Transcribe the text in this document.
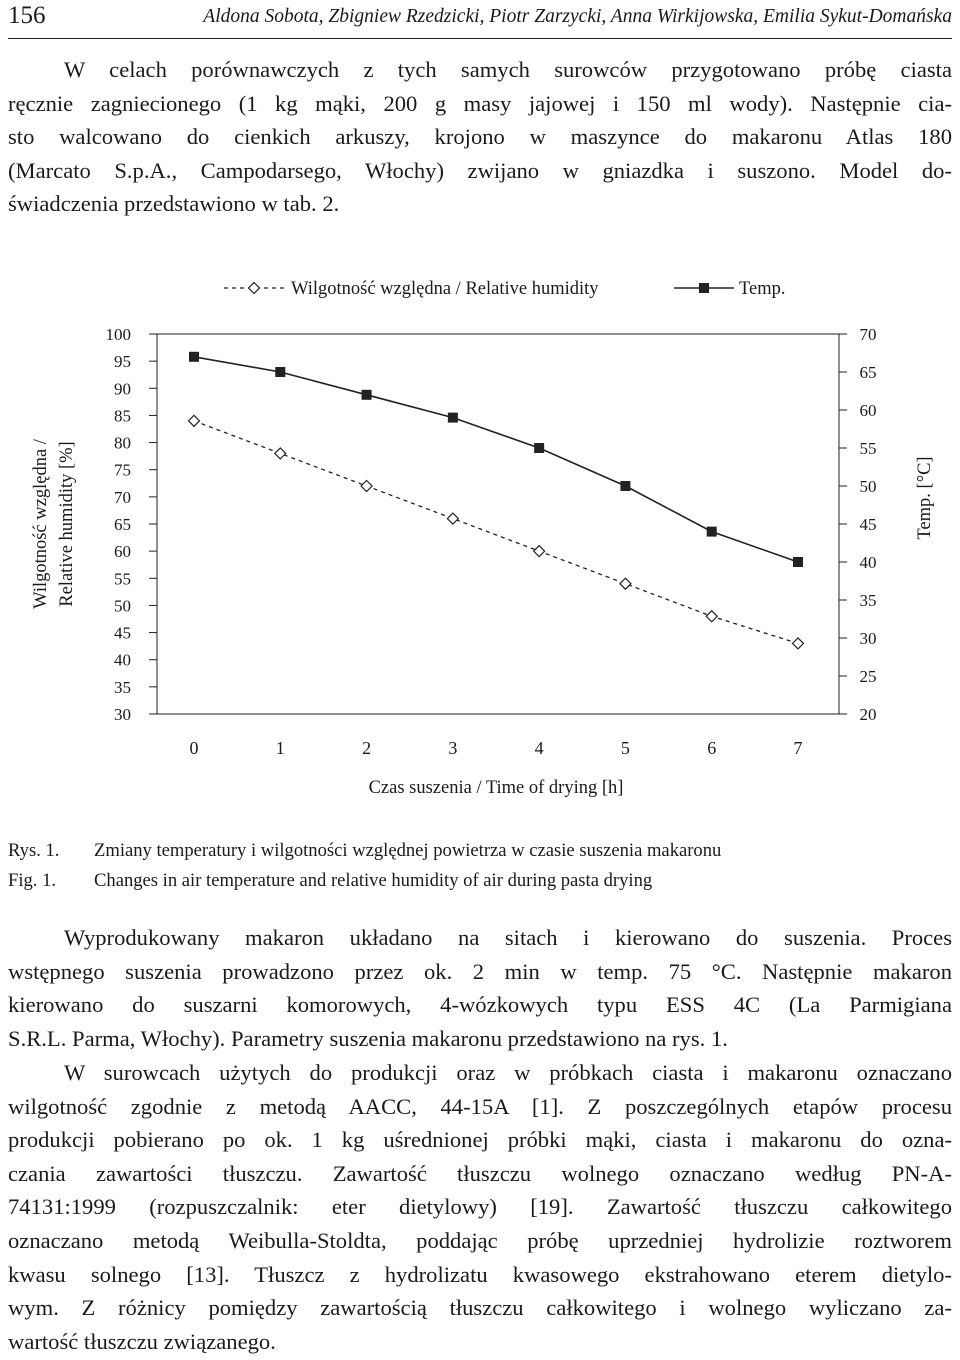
156	Aldona Sobota, Zbigniew Rzedzicki, Piotr Zarzycki, Anna Wirkijowska, Emilia Sykut-Domańska
W celach porównawczych z tych samych surowców przygotowano próbę ciasta
ręcznie zagniecionego (1 kg mąki, 200 g masy jajowej i 150 ml wody). Następnie cia-
sto walcowano do cienkich arkuszy, krojono w maszynce do makaronu Atlas 180
(Marcato S.p.A., Campodarsego, Włochy) zwijano w gniazdka i suszono. Model do-
świadczenia przedstawiono w tab. 2.
Wilgotność względna / Relative humidity	Temp.
100
95
90
85
80
75
70
65
60
55
50
45
40
35
30
70
65
60
55
50
45
40
35
30
25
20
0	1	2	3	4	5	6	7
Czas suszenia / Time of drying [h]
Wilgotność względna / Relative humidity [%]	Temp. [°C]
Rys. 1. Zmiany temperatury i wilgotności względnej powietrza w czasie suszenia makaronu
Fig. 1. Changes in air temperature and relative humidity of air during pasta drying
Wyprodukowany makaron układano na sitach i kierowano do suszenia. Proces
wstępnego suszenia prowadzono przez ok. 2 min w temp. 75 °C. Następnie makaron
kierowano do suszarni komorowych, 4-wózkowych typu ESS 4C (La Parmigiana
S.R.L. Parma, Włochy). Parametry suszenia makaronu przedstawiono na rys. 1.
W surowcach użytych do produkcji oraz w próbkach ciasta i makaronu oznaczano
wilgotność zgodnie z metodą AACC, 44-15A [1]. Z poszczególnych etapów procesu
produkcji pobierano po ok. 1 kg uśrednionej próbki mąki, ciasta i makaronu do ozna-
czania zawartości tłuszczu. Zawartość tłuszczu wolnego oznaczano według PN-A-
74131:1999 (rozpuszczalnik: eter dietylowy) [19]. Zawartość tłuszczu całkowitego
oznaczano metodą Weibulla-Stoldta, poddając próbę uprzedniej hydrolizie roztworem
kwasu solnego [13]. Tłuszcz z hydrolizatu kwasowego ekstrahowano eterem dietylo-
wym. Z różnicy pomiędzy zawartością tłuszczu całkowitego i wolnego wyliczano za-
wartość tłuszczu związanego.
